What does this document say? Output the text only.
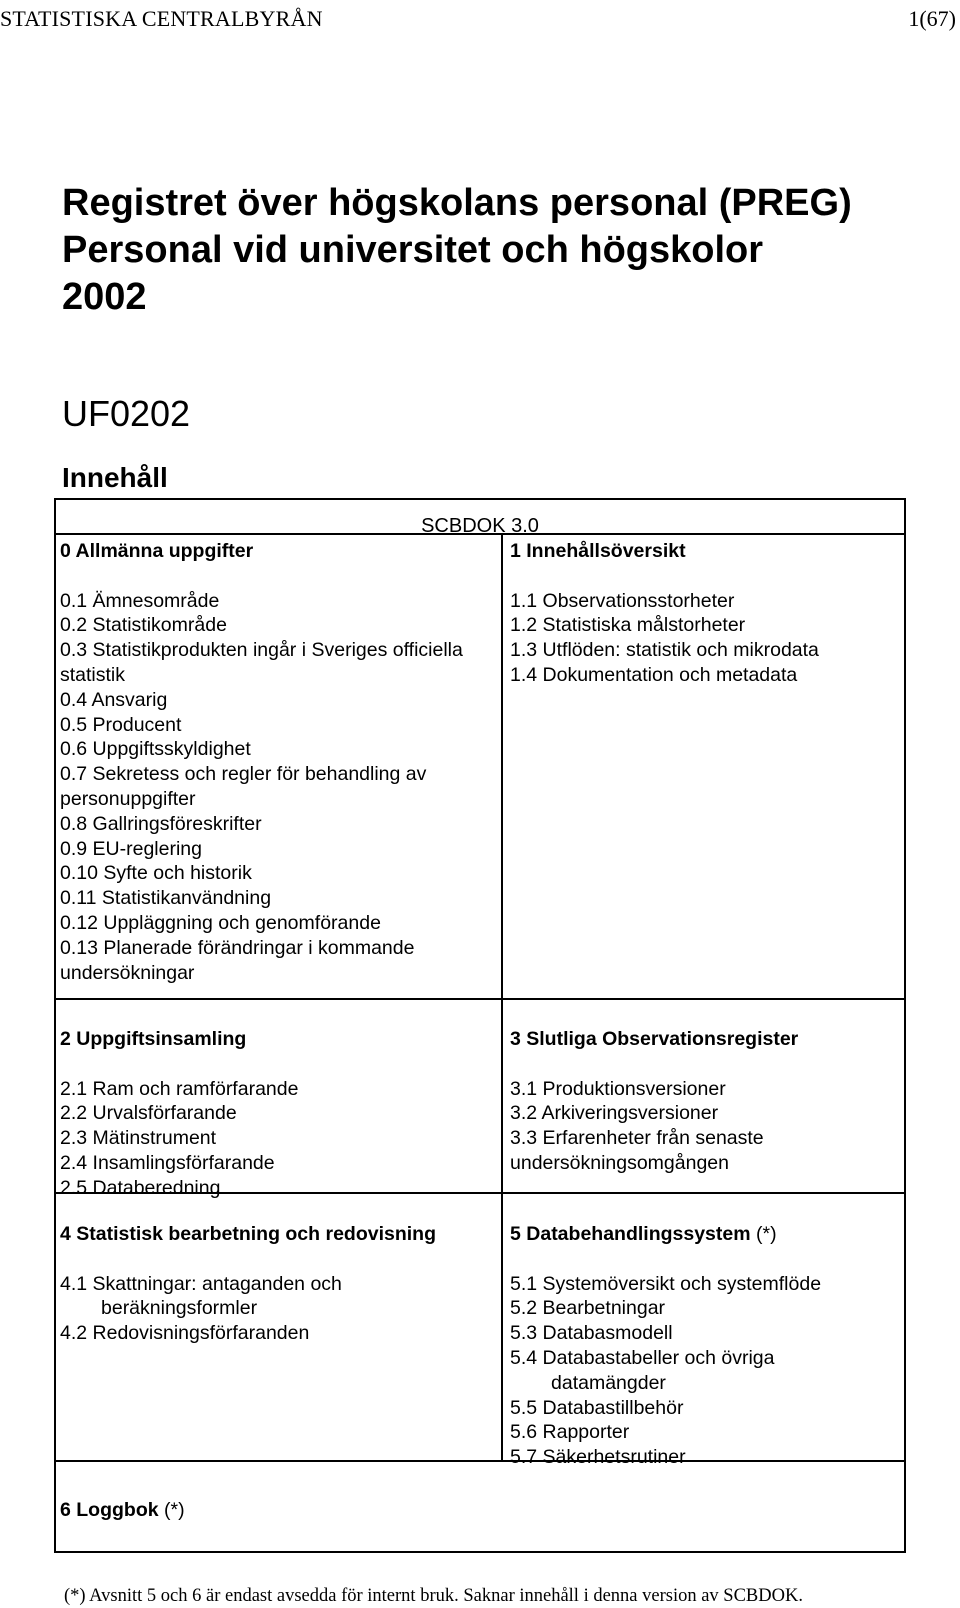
STATISTISKA CENTRALBYRÅN	1(67)
Registret över högskolans personal (PREG)
Personal vid universitet och högskolor
2002
UF0202
Innehåll
SCBDOK 3.0
0 Allmänna uppgifter
0.1 Ämnesområde
0.2 Statistikområde
0.3 Statistikprodukten ingår i Sveriges officiella statistik
0.4 Ansvarig
0.5 Producent
0.6 Uppgiftsskyldighet
0.7 Sekretess och regler för behandling av personuppgifter
0.8 Gallringsföreskrifter
0.9 EU-reglering
0.10 Syfte och historik
0.11 Statistikanvändning
0.12 Uppläggning och genomförande
0.13 Planerade förändringar i kommande undersökningar
1 Innehållsöversikt
1.1 Observationsstorheter
1.2 Statistiska målstorheter
1.3 Utflöden: statistik och mikrodata
1.4 Dokumentation och metadata
2 Uppgiftsinsamling
2.1 Ram och ramförfarande
2.2 Urvalsförfarande
2.3 Mätinstrument
2.4 Insamlingsförfarande
2.5 Databeredning
3 Slutliga Observationsregister
3.1 Produktionsversioner
3.2 Arkiveringsversioner
3.3 Erfarenheter från senaste undersökningsomgången
4 Statistisk bearbetning och redovisning
4.1 Skattningar: antaganden och beräkningsformler
4.2 Redovisningsförfaranden
5 Databehandlingssystem (*)
5.1 Systemöversikt och systemflöde
5.2 Bearbetningar
5.3 Databasmodell
5.4 Databastabeller och övriga datamängder
5.5 Databastillbehör
5.6 Rapporter
5.7 Säkerhetsrutiner
6 Loggbok (*)
(*) Avsnitt 5 och 6 är endast avsedda för internt bruk. Saknar innehåll i denna version av SCBDOK.
